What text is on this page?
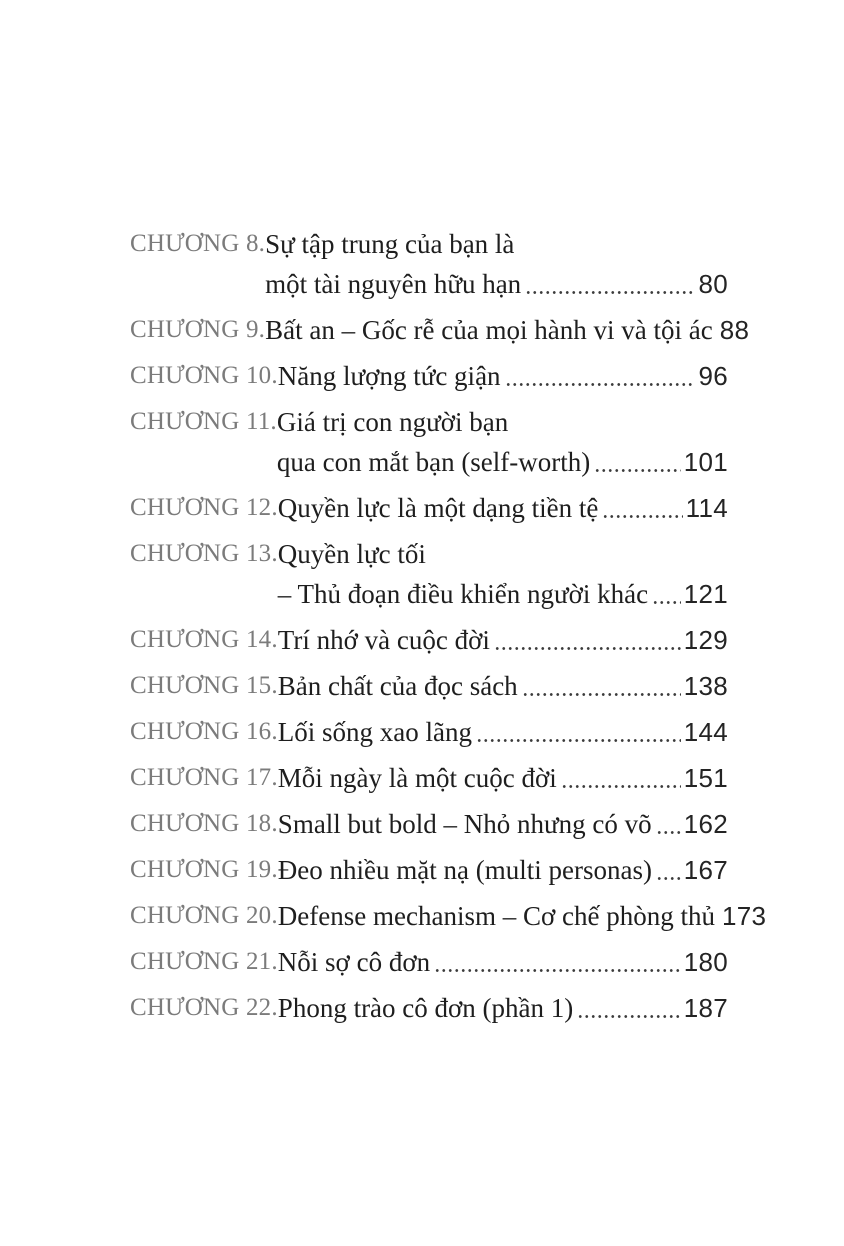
CHƯƠNG 8. Sự tập trung của bạn là
một tài nguyên hữu hạn	80
CHƯƠNG 9. Bất an – Gốc rễ của mọi hành vi và tội ác 88
CHƯƠNG 10. Năng lượng tức giận	96
CHƯƠNG 11. Giá trị con người bạn
qua con mắt bạn (self-worth)	101
CHƯƠNG 12. Quyền lực là một dạng tiền tệ	114
CHƯƠNG 13. Quyền lực tối
– Thủ đoạn điều khiển người khác 121
CHƯƠNG 14. Trí nhớ và cuộc đời	129
CHƯƠNG 15. Bản chất của đọc sách	138
CHƯƠNG 16. Lối sống xao lãng	144
CHƯƠNG 17. Mỗi ngày là một cuộc đời	151
CHƯƠNG 18. Small but bold – Nhỏ nhưng có võ 162
CHƯƠNG 19. Đeo nhiều mặt nạ (multi personas) 167
CHƯƠNG 20. Defense mechanism – Cơ chế phòng thủ 173
CHƯƠNG 21. Nỗi sợ cô đơn	180
CHƯƠNG 22. Phong trào cô đơn (phần 1)	187
